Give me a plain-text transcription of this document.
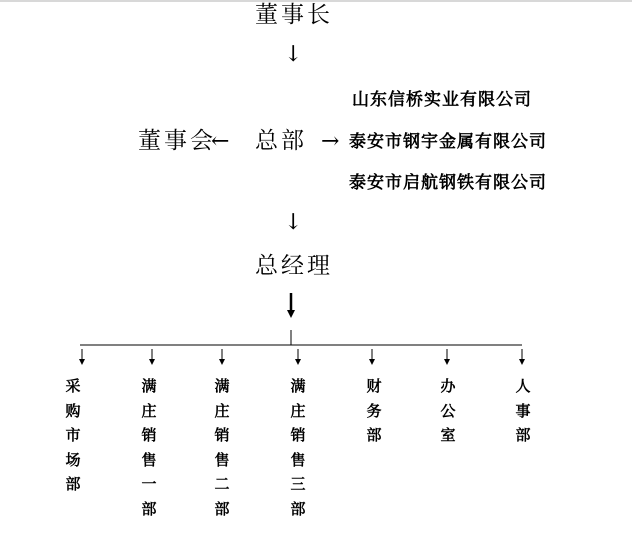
董事长
↓
山东信桥实业有限公司
董事会
← 总部 → 泰安市钢宇金属有限公司
泰安市启航钢铁有限公司
↓
总经理
采购市场部
满庄销售一部
满庄销售二部
满庄销售三部
财务部
办公室
人事部
